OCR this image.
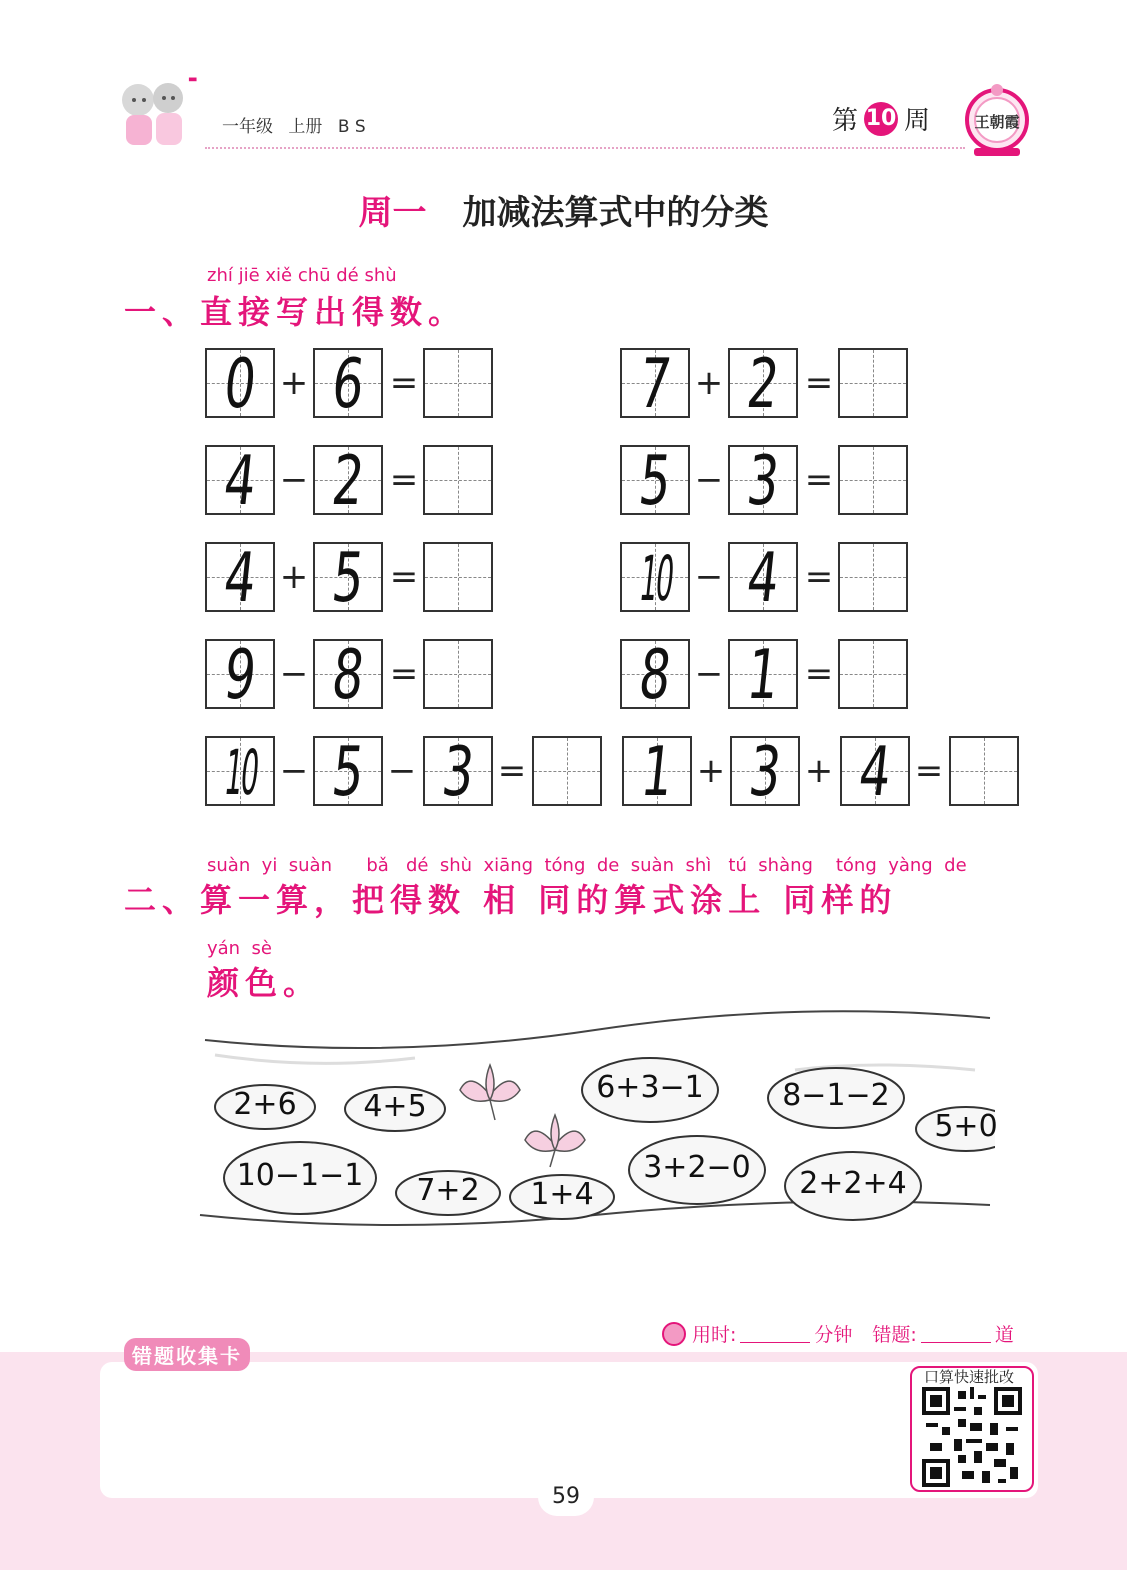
▬
一年级 上册 B S	第 10 周	王朝霞
周一 加减法算式中的分类
zhí jiē xiě chū dé shù
一、直接写出得数。
0 + 6 =	7 + 2 =
4 − 2 =	5 − 3 =
4 + 5 =	10 − 4 =
9 − 8 =	8 − 1 =
10 − 5 − 3 = 1 + 3 + 4 =
suàn  yi  suàn      bǎ   dé  shù  xiāng  tóng  de  suàn  shì   tú  shàng    tóng  yàng  de
二、算一算，把得数 相 同的算式涂上 同样的
yán  sè
颜色。
2+6	4+5
6+3−1	8−1−2
5+0
10−1−1	7+2	1+4
3+2−0	2+2+4
用时:	分钟 错题:	道
错题收集卡
口算快速批改
59
